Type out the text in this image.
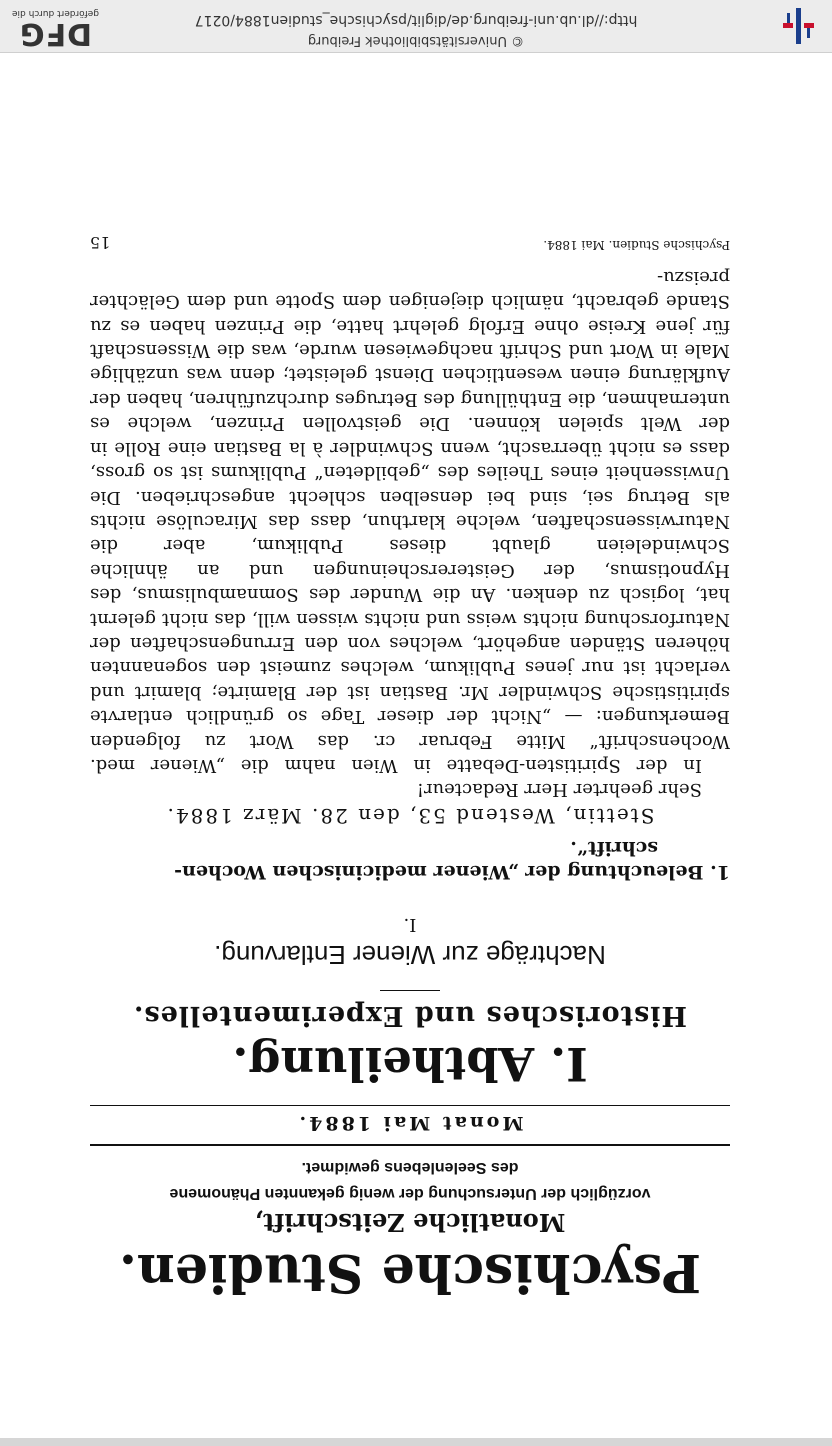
DFG
gefördert durch die
© Universitätsbibliothek Freiburg
http://dl.ub.uni-freiburg.de/diglit/psychische_studien1884/0217
Psychische Studien.
Monatliche Zeitschrift,
vorzüglich der Untersuchung der wenig gekannten Phänomene
des Seelenlebens gewidmet.
Monat Mai 1884.
I. Abtheilung.
Historisches und Experimentelles.
Nachträge zur Wiener Entlarvung.
I.
1. Beleuchtung der „Wiener medicinischen Wochen-
schrift“.
Stettin, Westend 53, den 28. März 1884.
Sehr geehrter Herr Redacteur!

In der Spiritisten-Debatte in Wien nahm die „Wiener med. Wochenschrift“ Mitte Februar cr. das Wort zu folgenden Bemerkungen: — „Nicht der dieser Tage so gründlich entlarvte spiritistische Schwindler Mr. Bastian ist der Blamirte; blamirt und verlacht ist nur jenes Publikum, welches zumeist den sogenannten höheren Ständen angehört, welches von den Errungenschaften der Naturforschung nichts weiss und nichts wissen will, das nicht gelernt hat, logisch zu denken. An die Wunder des Somnambulismus, des Hypnotismus, der Geistererscheinungen und an ähnliche Schwindeleien glaubt dieses Publikum, aber die Naturwissenschaften, welche klarthun, dass das Miraculöse nichts als Betrug sei, sind bei denselben schlecht angeschrieben. Die Unwissenheit eines Theiles des „gebildeten“ Publikums ist so gross, dass es nicht überrascht, wenn Schwindler à la Bastian eine Rolle in der Welt spielen können. Die geistvollen Prinzen, welche es unternahmen, die Enthüllung des Betruges durchzuführen, haben der Aufklärung einen wesentlichen Dienst geleistet; denn was unzählige Male in Wort und Schrift nachgewiesen wurde, was die Wissenschaft für jene Kreise ohne Erfolg gelehrt hatte, die Prinzen haben es zu Stande gebracht, nämlich diejenigen dem Spotte und dem Gelächter preiszu-

Psychische Studien. Mai 1884.
15
